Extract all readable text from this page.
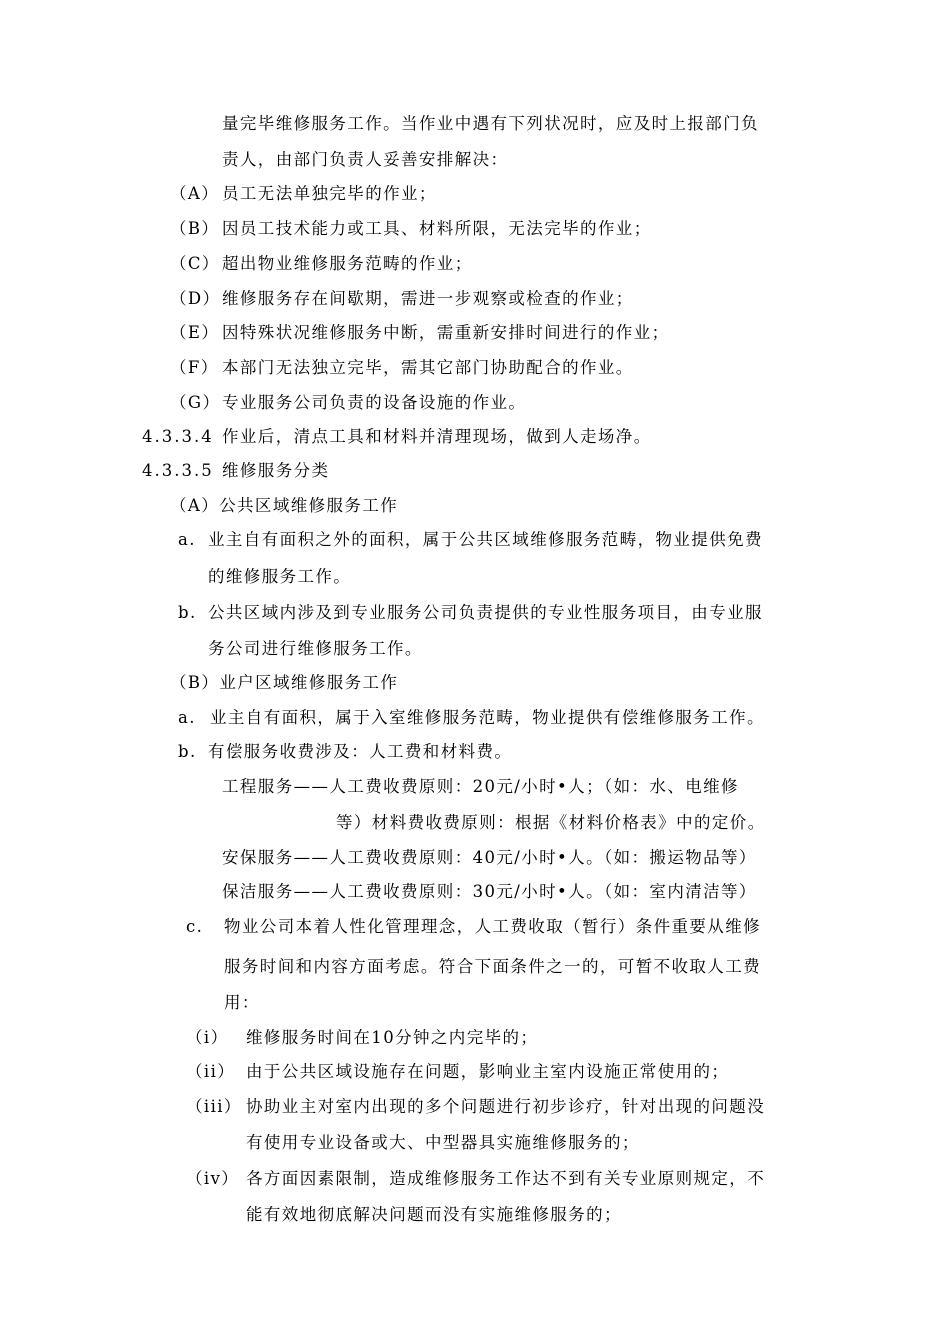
量完毕维修服务工作。当作业中遇有下列状况时，应及时上报部门负
责人，由部门负责人妥善安排解决：
（A） 员工无法单独完毕的作业；
（B） 因员工技术能力或工具、材料所限，无法完毕的作业；
（C） 超出物业维修服务范畴的作业；
（D）维修服务存在间歇期，需进一步观察或检查的作业；
（E） 因特殊状况维修服务中断，需重新安排时间进行的作业；
（F） 本部门无法独立完毕，需其它部门协助配合的作业。
（G）专业服务公司负责的设备设施的作业。
4.3.3.4 作业后，清点工具和材料并清理现场，做到人走场净。
4.3.3.5 维修服务分类
（A）公共区域维修服务工作
a. 业主自有面积之外的面积，属于公共区域维修服务范畴，物业提供免费
的维修服务工作。
b. 公共区域内涉及到专业服务公司负责提供的专业性服务项目，由专业服
务公司进行维修服务工作。
（B）业户区域维修服务工作
a. 业主自有面积，属于入室维修服务范畴，物业提供有偿维修服务工作。
b. 有偿服务收费涉及：人工费和材料费。
工程服务——人工费收费原则：20元/小时•人；（如：水、电维修
等）材料费收费原则：根据《材料价格表》中的定价。
安保服务——人工费收费原则：40元/小时•人。（如：搬运物品等）
保洁服务——人工费收费原则：30元/小时•人。（如：室内清洁等）
c. 物业公司本着人性化管理理念，人工费收取（暂行）条件重要从维修
服务时间和内容方面考虑。符合下面条件之一的，可暂不收取人工费
用：
（i） 维修服务时间在10分钟之内完毕的；
（ii） 由于公共区域设施存在问题，影响业主室内设施正常使用的；
（iii） 协助业主对室内出现的多个问题进行初步诊疗，针对出现的问题没
有使用专业设备或大、中型器具实施维修服务的；
（iv） 各方面因素限制，造成维修服务工作达不到有关专业原则规定，不
能有效地彻底解决问题而没有实施维修服务的；
